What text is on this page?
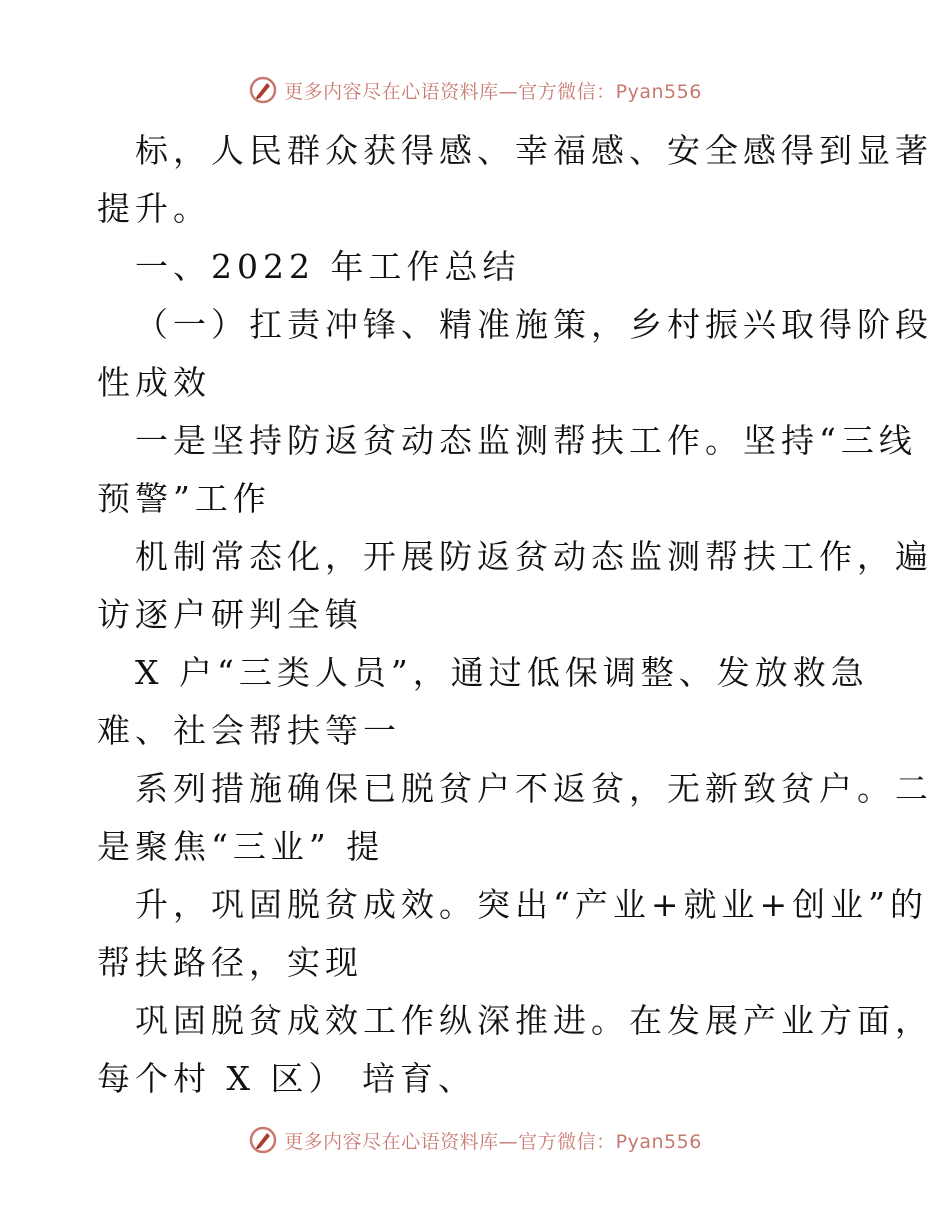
更多内容尽在心语资料库—官方微信：Pyan556

标，人民群众获得感、幸福感、安全感得到显著

提升。

一、2022 年工作总结

（一）扛责冲锋、精准施策，乡村振兴取得阶段

性成效

一是坚持防返贫动态监测帮扶工作。坚持“三线

预警”工作

机制常态化，开展防返贫动态监测帮扶工作，遍

访逐户研判全镇

X 户“三类人员”，通过低保调整、发放救急

难、社会帮扶等一

系列措施确保已脱贫户不返贫，无新致贫户。二

是聚焦“三业” 提

升，巩固脱贫成效。突出“产业+就业+创业”的

帮扶路径，实现

巩固脱贫成效工作纵深推进。在发展产业方面，

每个村 X 区） 培育、

更多内容尽在心语资料库—官方微信：Pyan556
